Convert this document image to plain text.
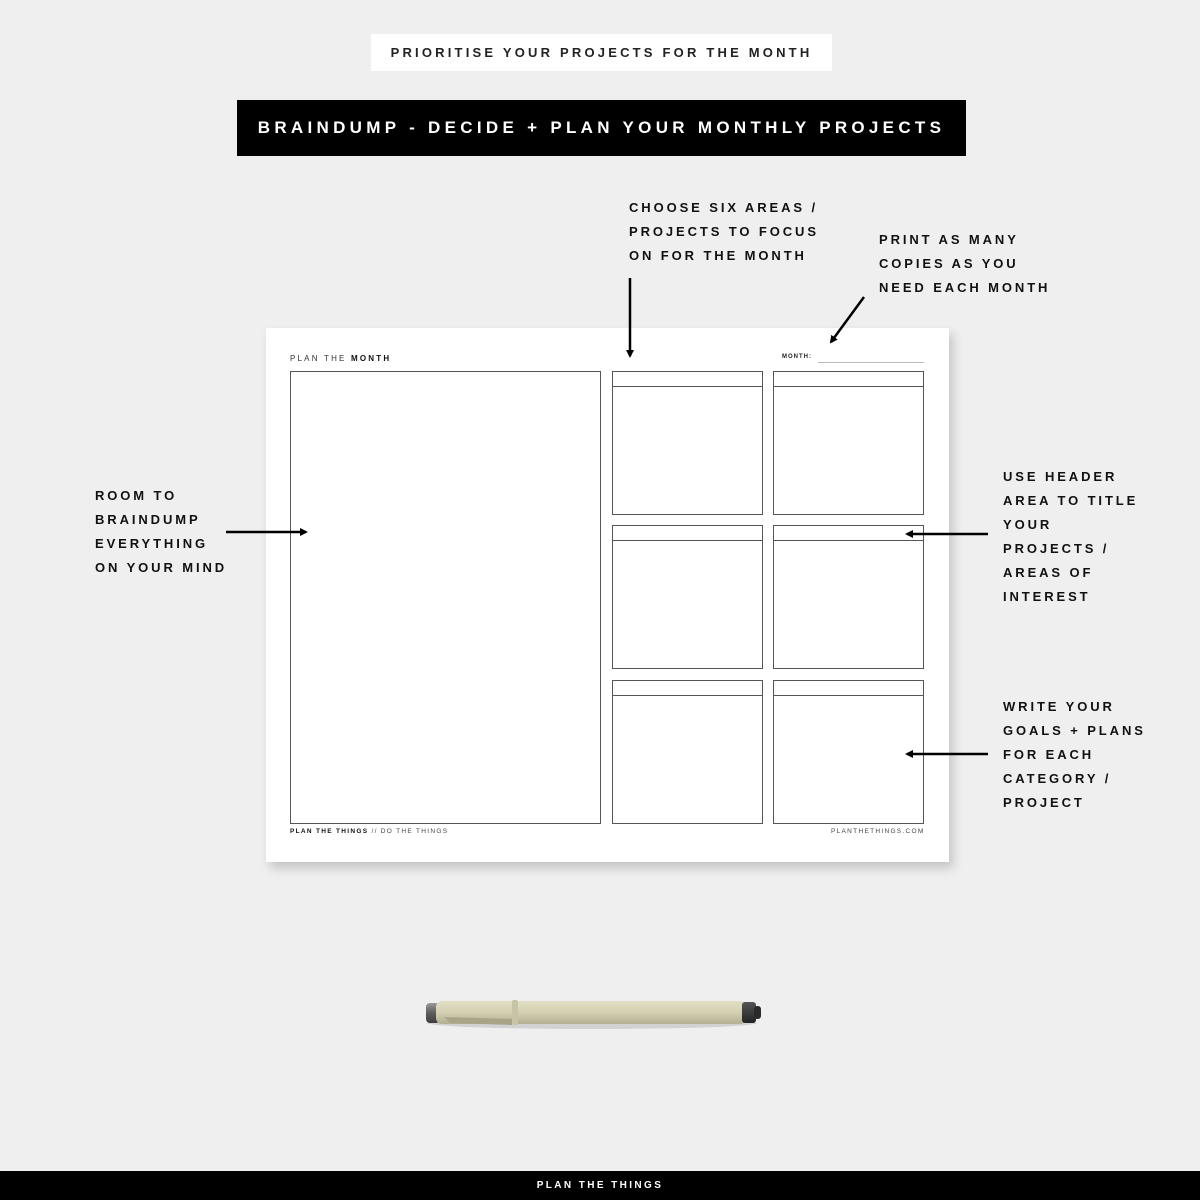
PRIORITISE YOUR PROJECTS FOR THE MONTH
BRAINDUMP - DECIDE + PLAN YOUR MONTHLY PROJECTS
CHOOSE SIX AREAS /
PROJECTS TO FOCUS
ON FOR THE MONTH
PRINT AS MANY
COPIES AS YOU
NEED EACH MONTH
ROOM TO
BRAINDUMP
EVERYTHING
ON YOUR MIND
USE HEADER
AREA TO TITLE
YOUR
PROJECTS /
AREAS OF
INTEREST
WRITE YOUR
GOALS + PLANS
FOR EACH
CATEGORY /
PROJECT
PLAN THE MONTH	MONTH:
PLAN THE THINGS // DO THE THINGS	PLANTHETHINGS.COM
PLAN THE THINGS
